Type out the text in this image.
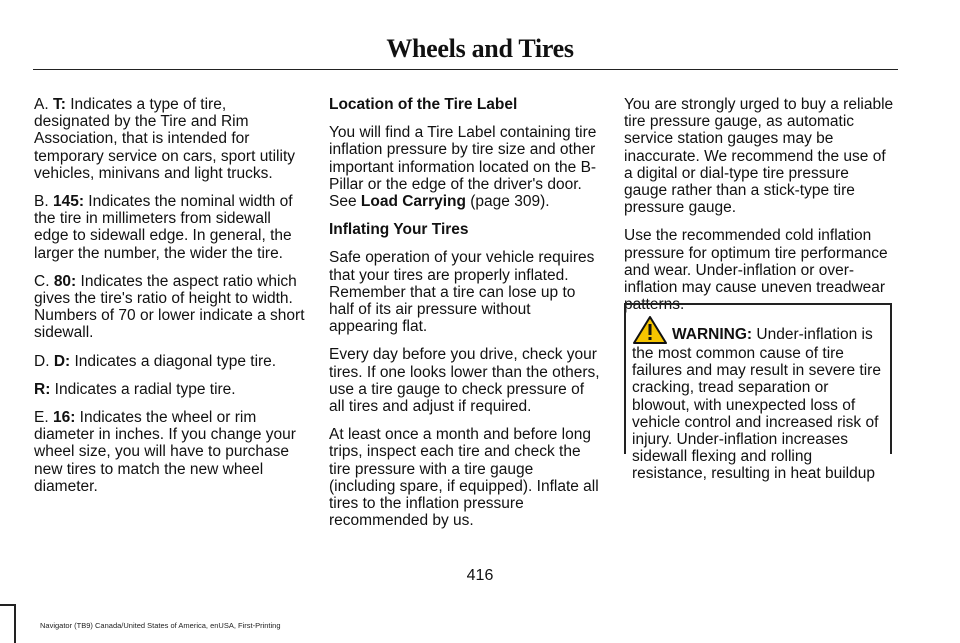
Wheels and Tires

A. T: Indicates a type of tire, designated by the Tire and Rim Association, that is intended for temporary service on cars, sport utility vehicles, minivans and light trucks.

B. 145: Indicates the nominal width of the tire in millimeters from sidewall edge to sidewall edge. In general, the larger the number, the wider the tire.

C. 80: Indicates the aspect ratio which gives the tire's ratio of height to width. Numbers of 70 or lower indicate a short sidewall.

D. D: Indicates a diagonal type tire.

R: Indicates a radial type tire.

E. 16: Indicates the wheel or rim diameter in inches. If you change your wheel size, you will have to purchase new tires to match the new wheel diameter.

Location of the Tire Label

You will find a Tire Label containing tire inflation pressure by tire size and other important information located on the B-Pillar or the edge of the driver's door. See Load Carrying (page 309).

Inflating Your Tires

Safe operation of your vehicle requires that your tires are properly inflated. Remember that a tire can lose up to half of its air pressure without appearing flat.

Every day before you drive, check your tires. If one looks lower than the others, use a tire gauge to check pressure of all tires and adjust if required.

At least once a month and before long trips, inspect each tire and check the tire pressure with a tire gauge (including spare, if equipped). Inflate all tires to the inflation pressure recommended by us.

You are strongly urged to buy a reliable tire pressure gauge, as automatic service station gauges may be inaccurate. We recommend the use of a digital or dial-type tire pressure gauge rather than a stick-type tire pressure gauge.

Use the recommended cold inflation pressure for optimum tire performance and wear. Under-inflation or over-inflation may cause uneven treadwear patterns.

WARNING: Under-inflation is the most common cause of tire failures and may result in severe tire cracking, tread separation or blowout, with unexpected loss of vehicle control and increased risk of injury. Under-inflation increases sidewall flexing and rolling resistance, resulting in heat buildup
416
Navigator (TB9) Canada/United States of America, enUSA, First-Printing
